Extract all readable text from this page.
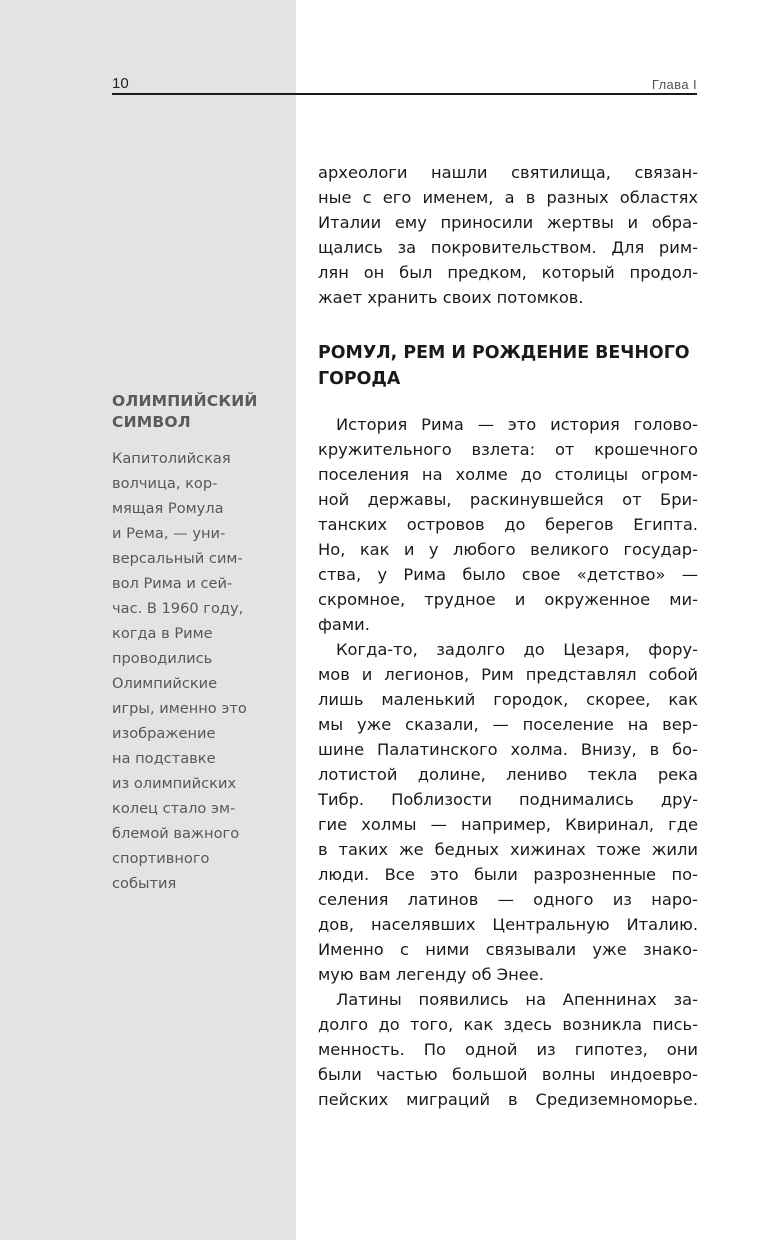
10	Глава I
ОЛИМПИЙСКИЙ
СИМВОЛ
Капитолийская
волчица, кор-
мящая Ромула
и Рема, — уни-
версальный сим-
вол Рима и сей-
час. В 1960 году,
когда в Риме
проводились
Олимпийские
игры, именно это
изображение
на подставке
из олимпийских
колец стало эм-
блемой важного
спортивного
события
археологи нашли святилища, связан-
ные с его именем, а в разных областях
Италии ему приносили жертвы и обра-
щались за покровительством. Для рим-
лян он был предком, который продол-
жает хранить своих потомков.
РОМУЛ, РЕМ И РОЖДЕНИЕ ВЕЧНОГО
ГОРОДА
История Рима — это история голово-
кружительного взлета: от крошечного
поселения на холме до столицы огром-
ной державы, раскинувшейся от Бри-
танских островов до берегов Египта.
Но, как и у любого великого государ-
ства, у Рима было свое «детство» —
скромное, трудное и окруженное ми-
фами.
Когда-то, задолго до Цезаря, фору-
мов и легионов, Рим представлял собой
лишь маленький городок, скорее, как
мы уже сказали, — поселение на вер-
шине Палатинского холма. Внизу, в бо-
лотистой долине, лениво текла река
Тибр. Поблизости поднимались дру-
гие холмы — например, Квиринал, где
в таких же бедных хижинах тоже жили
люди. Все это были разрозненные по-
селения латинов — одного из наро-
дов, населявших Центральную Италию.
Именно с ними связывали уже знако-
мую вам легенду об Энее.
Латины появились на Апеннинах за-
долго до того, как здесь возникла пись-
менность. По одной из гипотез, они
были частью большой волны индоевро-
пейских миграций в Средиземноморье.
